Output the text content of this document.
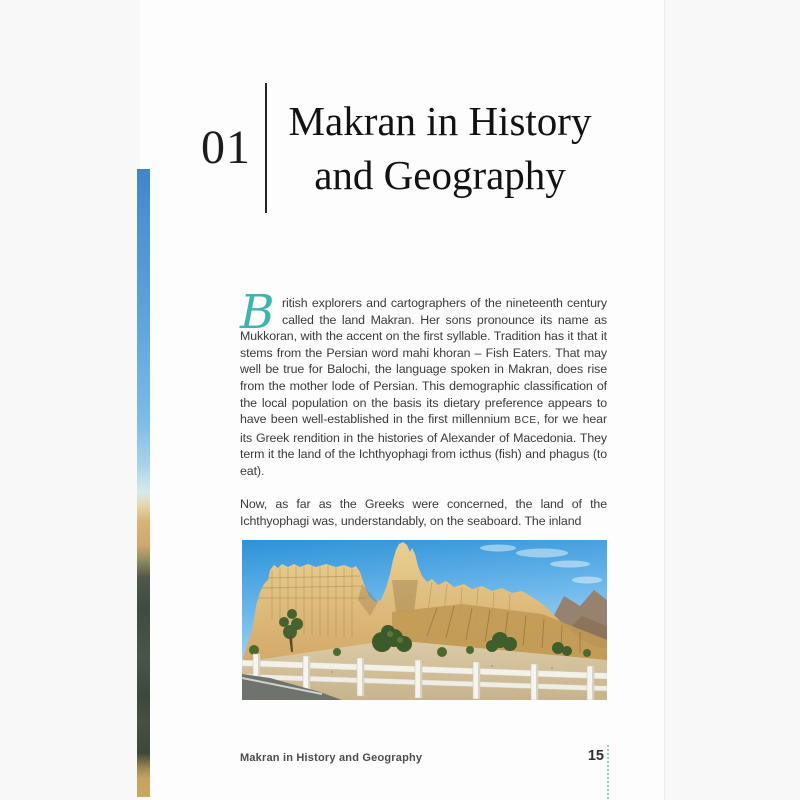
01 Makran in History
and Geography

British explorers and cartographers of the nineteenth century called the land Makran. Her sons pronounce its name as Mukkoran, with the accent on the first syllable. Tradition has it that it stems from the Persian word mahi khoran – Fish Eaters. That may well be true for Balochi, the language spoken in Makran, does rise from the mother lode of Persian. This demographic classification of the local population on the basis its dietary preference appears to have been well-established in the first millennium BCE, for we hear its Greek rendition in the histories of Alexander of Macedonia. They term it the land of the Ichthyophagi from icthus (fish) and phagus (to eat).

Now, as far as the Greeks were concerned, the land of the Ichthyophagi was, understandably, on the seaboard. The inland

Makran in History and Geography	15
